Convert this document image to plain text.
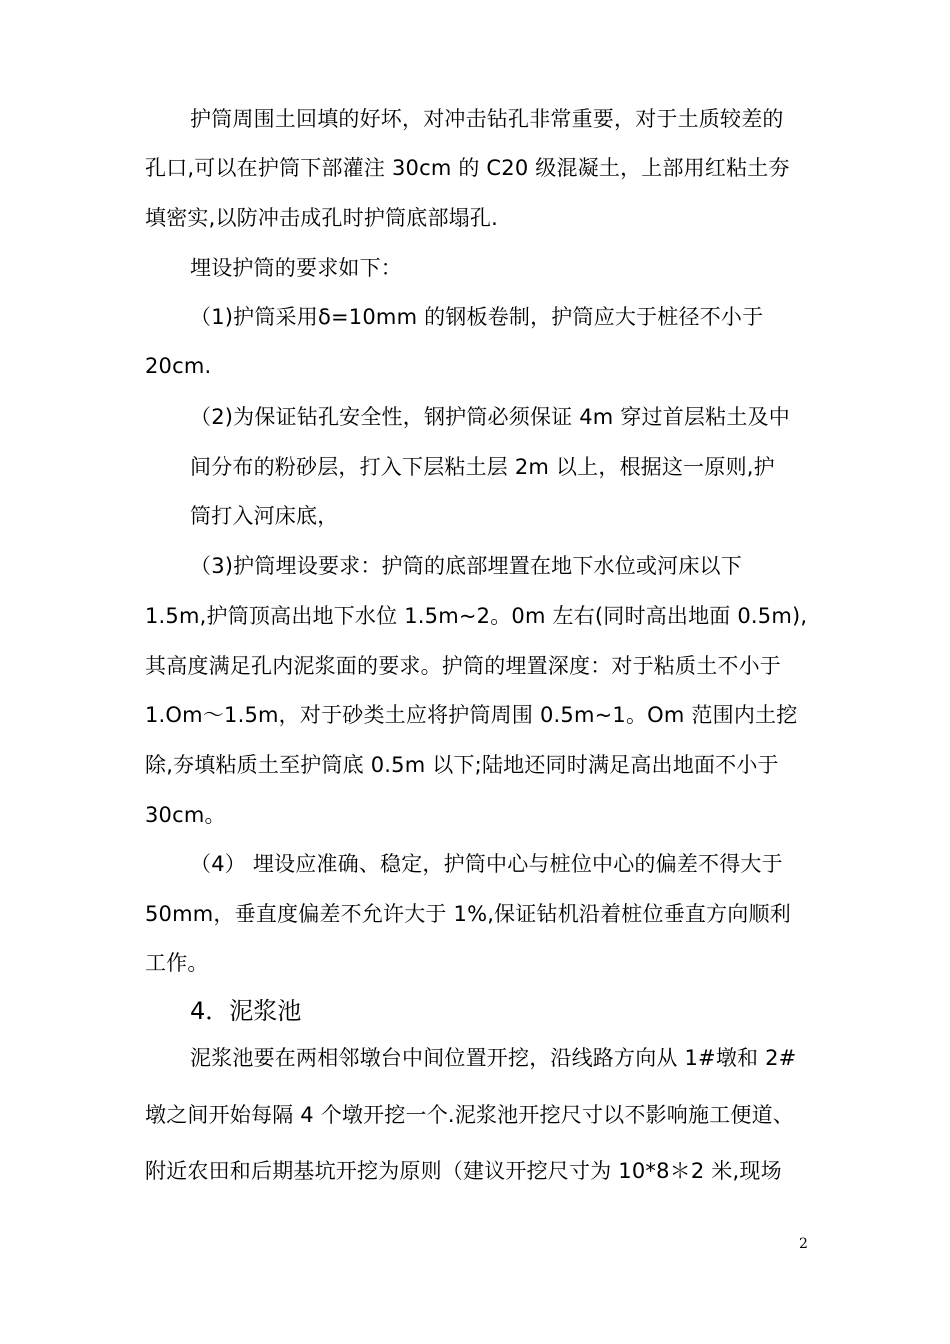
护筒周围土回填的好坏，对冲击钻孔非常重要，对于土质较差的
孔口,可以在护筒下部灌注 30cm 的 C20 级混凝土，上部用红粘土夯
填密实,以防冲击成孔时护筒底部塌孔.
埋设护筒的要求如下：
（1)护筒采用δ=10mm 的钢板卷制，护筒应大于桩径不小于
20cm.
（2)为保证钻孔安全性，钢护筒必须保证 4m 穿过首层粘土及中
间分布的粉砂层，打入下层粘土层 2m 以上，根据这一原则,护
筒打入河床底，
（3)护筒埋设要求：护筒的底部埋置在地下水位或河床以下
1.5m,护筒顶高出地下水位 1.5m~2。0m 左右(同时高出地面 0.5m),
其高度满足孔内泥浆面的要求。护筒的埋置深度：对于粘质土不小于
1.Om～1.5m，对于砂类土应将护筒周围 0.5m~1。Om 范围内土挖
除,夯填粘质土至护筒底 0.5m 以下;陆地还同时满足高出地面不小于
30cm。
（4） 埋设应准确、稳定，护筒中心与桩位中心的偏差不得大于
50mm，垂直度偏差不允许大于 1%,保证钻机沿着桩位垂直方向顺利
工作。
4．泥浆池
泥浆池要在两相邻墩台中间位置开挖，沿线路方向从 1#墩和 2#
墩之间开始每隔 4 个墩开挖一个.泥浆池开挖尺寸以不影响施工便道、
附近农田和后期基坑开挖为原则（建议开挖尺寸为 10*8＊2 米,现场
2
